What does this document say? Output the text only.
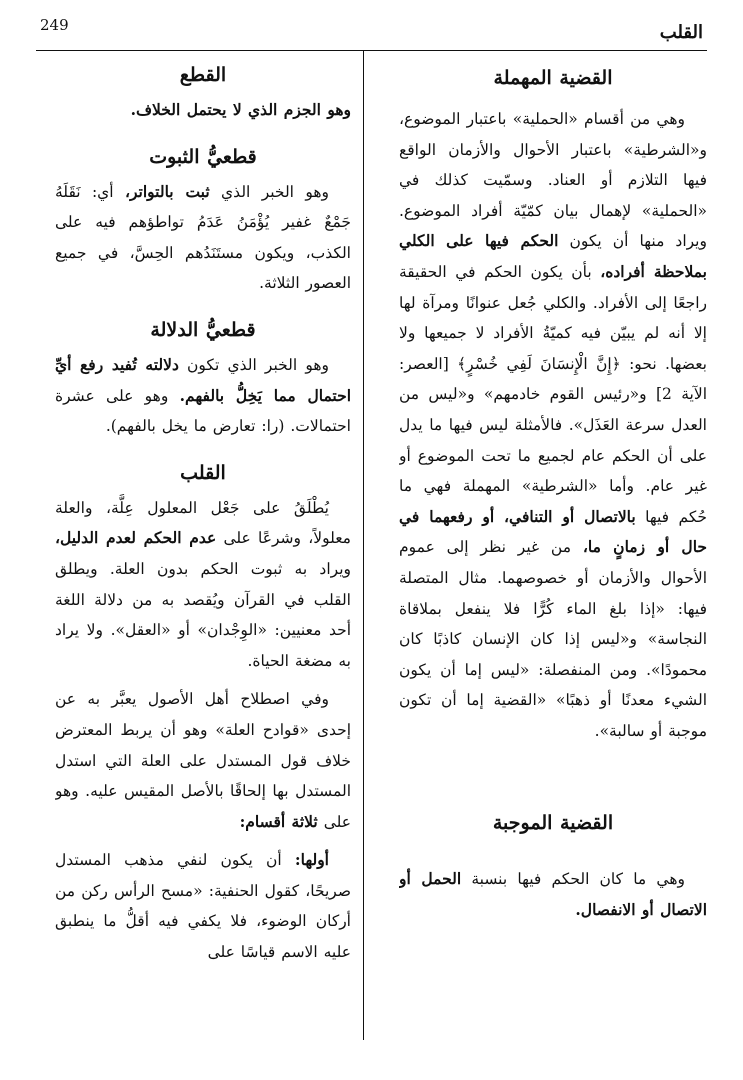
249	القلب
القضية المهملة

وهي من أقسام «الحملية» باعتبار الموضوع، و«الشرطية» باعتبار الأحوال والأزمان الواقع فيها التلازم أو العناد. وسمّيت كذلك في «الحملية» لإهمال بيان كمّيّة أفراد الموضوع. ويراد منها أن يكون الحكم فيها على الكلي بملاحظة أفراده، بأن يكون الحكم في الحقيقة راجعًا إلى الأفراد. والكلي جُعل عنوانًا ومرآة لها إلا أنه لم يبيّن فيه كميّةُ الأفراد لا جميعها ولا بعضها. نحو: ﴿إِنَّ الْإِنسَانَ لَفِي خُسْرٍ﴾ [العصر: الآية 2] و«رئيس القوم خادمهم» و«ليس من العدل سرعة العَذَل». فالأمثلة ليس فيها ما يدل على أن الحكم عام لجميع ما تحت الموضوع أو غير عام. وأما «الشرطية» المهملة فهي ما حُكم فيها بالاتصال أو التنافي، أو رفعهما في حال أو زمانٍ ما، من غير نظر إلى عموم الأحوال والأزمان أو خصوصهما. مثال المتصلة فيها: «إذا بلغ الماء كُرًّا فلا ينفعل بملاقاة النجاسة» و«ليس إذا كان الإنسان كاذبًا كان محمودًا». ومن المنفصلة: «ليس إما أن يكون الشيء معدنًا أو ذهبًا» «القضية إما أن تكون موجبة أو سالبة».

القضية الموجبة

وهي ما كان الحكم فيها بنسبة الحمل أو الاتصال أو الانفصال.

القطع

وهو الجزم الذي لا يحتمل الخلاف.

قطعيُّ الثبوت

وهو الخبر الذي ثبت بالتواتر، أي: نَقَلَهُ جَمْعٌ غفير يُؤْمَنُ عَدَمُ تواطؤهم فيه على الكذب، ويكون مستَنَدُهم الحِسَّ، في جميع العصور الثلاثة.

قطعيُّ الدلالة

وهو الخبر الذي تكون دلالته تُفيد رفع أيِّ احتمال مما يَخِلُّ بالفهم. وهو على عشرة احتمالات. (را: تعارض ما يخل بالفهم).

القلب

يُطْلَقُ على جَعْل المعلول عِلَّة، والعلة معلولاً، وشرعًا على عدم الحكم لعدم الدليل، ويراد به ثبوت الحكم بدون العلة. ويطلق القلب في القرآن ويُقصد به من دلالة اللغة أحد معنيين: «الوِجْدان» أو «العقل». ولا يراد به مضغة الحياة.

وفي اصطلاح أهل الأصول يعبَّر به عن إحدى «قوادح العلة» وهو أن يربط المعترض خلاف قول المستدل على العلة التي استدل المستدل بها إلحاقًا بالأصل المقيس عليه. وهو على ثلاثة أقسام:

أولها: أن يكون لنفي مذهب المستدل صريحًا، كقول الحنفية: «مسح الرأس ركن من أركان الوضوء، فلا يكفي فيه أقلُّ ما ينطبق عليه الاسم قياسًا على
